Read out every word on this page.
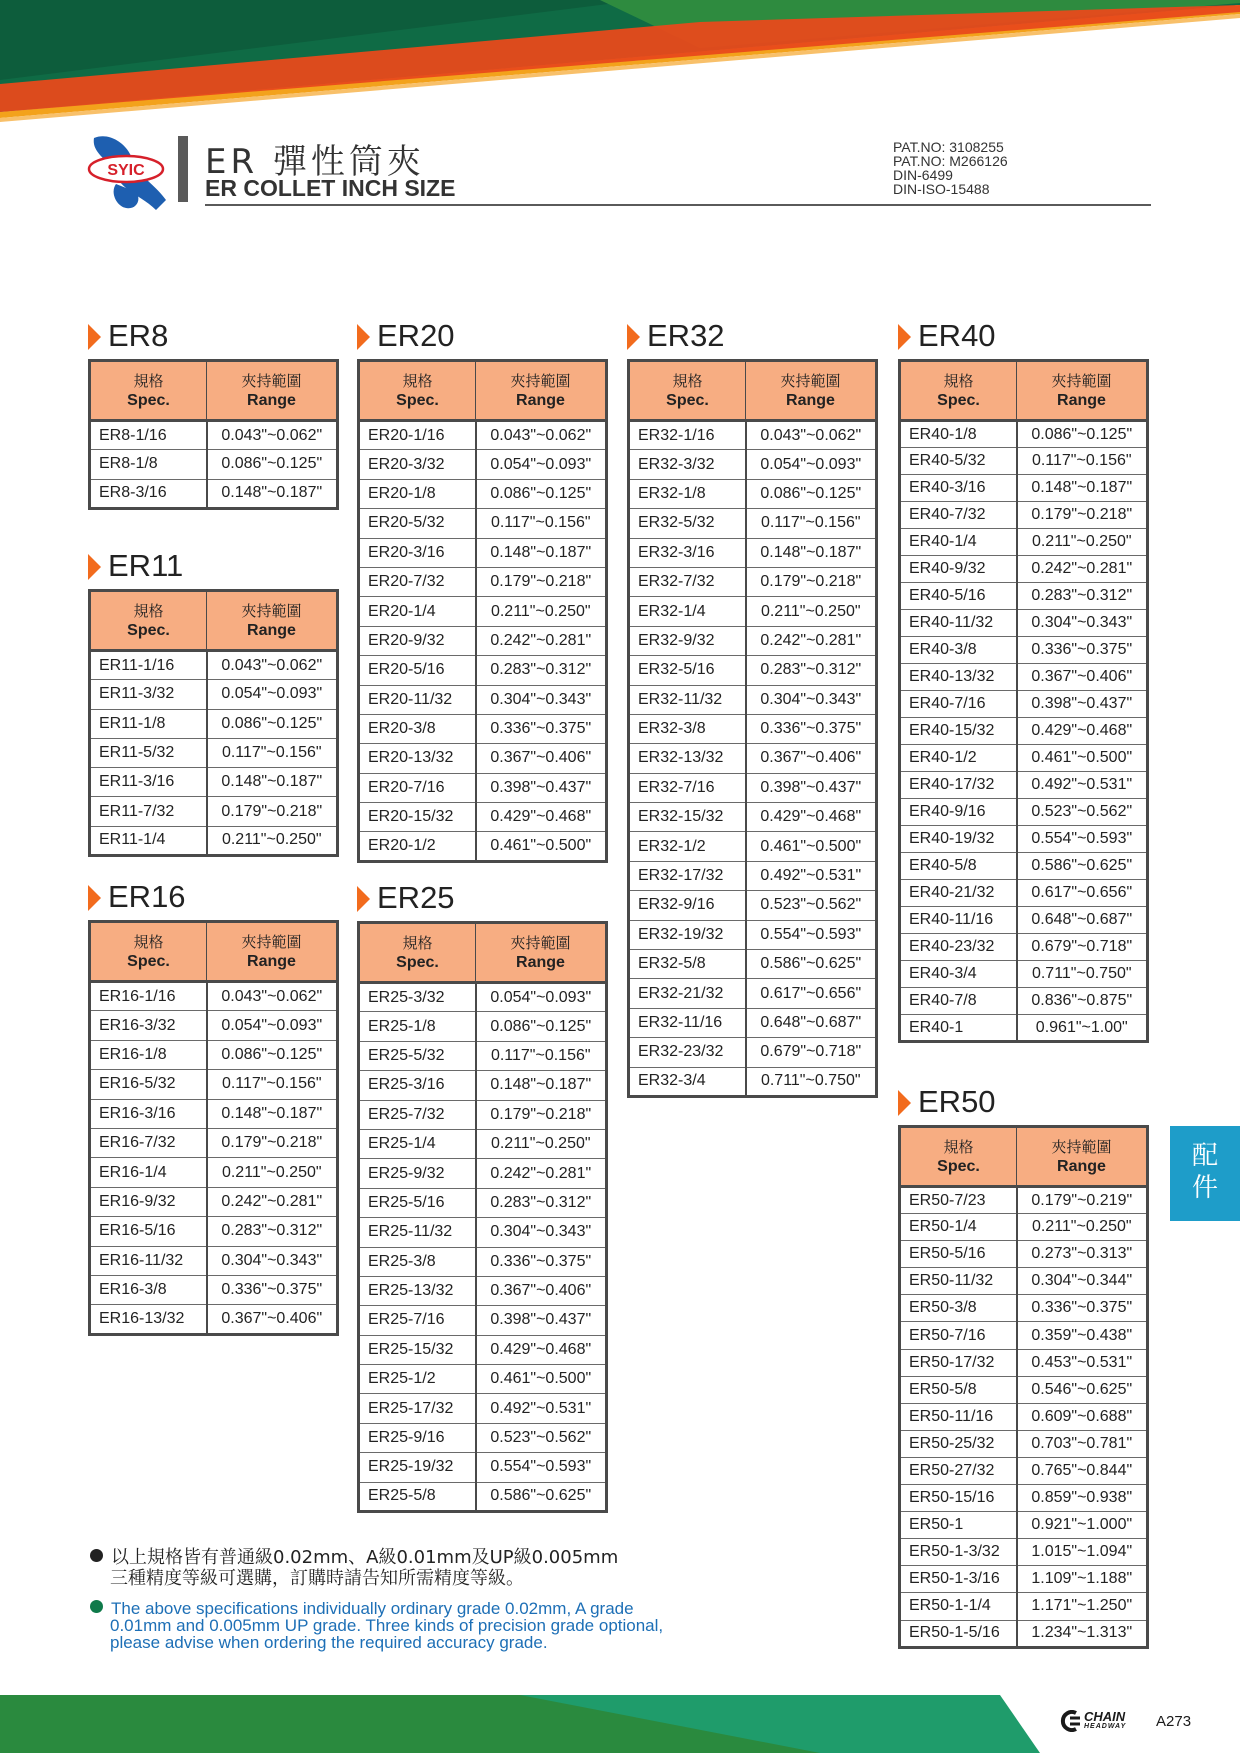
SYIC ER 彈性筒夾
ER COLLET INCH SIZE
PAT.NO: 3108255
PAT.NO: M266126
DIN-6499
DIN-ISO-15488
ER8
規格
Spec.	夾持範圍
Range
ER8-1/16	0.043"~0.062"
ER8-1/8	0.086"~0.125"
ER8-3/16	0.148"~0.187"
ER11
規格
Spec.	夾持範圍
Range
ER11-1/16	0.043"~0.062"
ER11-3/32	0.054"~0.093"
ER11-1/8	0.086"~0.125"
ER11-5/32	0.117"~0.156"
ER11-3/16	0.148"~0.187"
ER11-7/32	0.179"~0.218"
ER11-1/4	0.211"~0.250"
ER16
規格
Spec.	夾持範圍
Range
ER16-1/16	0.043"~0.062"
ER16-3/32	0.054"~0.093"
ER16-1/8	0.086"~0.125"
ER16-5/32	0.117"~0.156"
ER16-3/16	0.148"~0.187"
ER16-7/32	0.179"~0.218"
ER16-1/4	0.211"~0.250"
ER16-9/32	0.242"~0.281"
ER16-5/16	0.283"~0.312"
ER16-11/32	0.304"~0.343"
ER16-3/8	0.336"~0.375"
ER16-13/32	0.367"~0.406"
ER20
規格
Spec.	夾持範圍
Range
ER20-1/16	0.043"~0.062"
ER20-3/32	0.054"~0.093"
ER20-1/8	0.086"~0.125"
ER20-5/32	0.117"~0.156"
ER20-3/16	0.148"~0.187"
ER20-7/32	0.179"~0.218"
ER20-1/4	0.211"~0.250"
ER20-9/32	0.242"~0.281"
ER20-5/16	0.283"~0.312"
ER20-11/32	0.304"~0.343"
ER20-3/8	0.336"~0.375"
ER20-13/32	0.367"~0.406"
ER20-7/16	0.398"~0.437"
ER20-15/32	0.429"~0.468"
ER20-1/2	0.461"~0.500"
ER25
規格
Spec.	夾持範圍
Range
ER25-3/32	0.054"~0.093"
ER25-1/8	0.086"~0.125"
ER25-5/32	0.117"~0.156"
ER25-3/16	0.148"~0.187"
ER25-7/32	0.179"~0.218"
ER25-1/4	0.211"~0.250"
ER25-9/32	0.242"~0.281"
ER25-5/16	0.283"~0.312"
ER25-11/32	0.304"~0.343"
ER25-3/8	0.336"~0.375"
ER25-13/32	0.367"~0.406"
ER25-7/16	0.398"~0.437"
ER25-15/32	0.429"~0.468"
ER25-1/2	0.461"~0.500"
ER25-17/32	0.492"~0.531"
ER25-9/16	0.523"~0.562"
ER25-19/32	0.554"~0.593"
ER25-5/8	0.586"~0.625"
ER32
規格
Spec.	夾持範圍
Range
ER32-1/16	0.043"~0.062"
ER32-3/32	0.054"~0.093"
ER32-1/8	0.086"~0.125"
ER32-5/32	0.117"~0.156"
ER32-3/16	0.148"~0.187"
ER32-7/32	0.179"~0.218"
ER32-1/4	0.211"~0.250"
ER32-9/32	0.242"~0.281"
ER32-5/16	0.283"~0.312"
ER32-11/32	0.304"~0.343"
ER32-3/8	0.336"~0.375"
ER32-13/32	0.367"~0.406"
ER32-7/16	0.398"~0.437"
ER32-15/32	0.429"~0.468"
ER32-1/2	0.461"~0.500"
ER32-17/32	0.492"~0.531"
ER32-9/16	0.523"~0.562"
ER32-19/32	0.554"~0.593"
ER32-5/8	0.586"~0.625"
ER32-21/32	0.617"~0.656"
ER32-11/16	0.648"~0.687"
ER32-23/32	0.679"~0.718"
ER32-3/4	0.711"~0.750"
ER40
規格
Spec.	夾持範圍
Range
ER40-1/8	0.086"~0.125"
ER40-5/32	0.117"~0.156"
ER40-3/16	0.148"~0.187"
ER40-7/32	0.179"~0.218"
ER40-1/4	0.211"~0.250"
ER40-9/32	0.242"~0.281"
ER40-5/16	0.283"~0.312"
ER40-11/32	0.304"~0.343"
ER40-3/8	0.336"~0.375"
ER40-13/32	0.367"~0.406"
ER40-7/16	0.398"~0.437"
ER40-15/32	0.429"~0.468"
ER40-1/2	0.461"~0.500"
ER40-17/32	0.492"~0.531"
ER40-9/16	0.523"~0.562"
ER40-19/32	0.554"~0.593"
ER40-5/8	0.586"~0.625"
ER40-21/32	0.617"~0.656"
ER40-11/16	0.648"~0.687"
ER40-23/32	0.679"~0.718"
ER40-3/4	0.711"~0.750"
ER40-7/8	0.836"~0.875"
ER40-1	0.961"~1.00"
ER50
規格
Spec.	夾持範圍
Range
ER50-7/23	0.179"~0.219"
ER50-1/4	0.211"~0.250"
ER50-5/16	0.273"~0.313"
ER50-11/32	0.304"~0.344"
ER50-3/8	0.336"~0.375"
ER50-7/16	0.359"~0.438"
ER50-17/32	0.453"~0.531"
ER50-5/8	0.546"~0.625"
ER50-11/16	0.609"~0.688"
ER50-25/32	0.703"~0.781"
ER50-27/32	0.765"~0.844"
ER50-15/16	0.859"~0.938"
ER50-1	0.921"~1.000"
ER50-1-3/32	1.015"~1.094"
ER50-1-3/16	1.109"~1.188"
ER50-1-1/4	1.171"~1.250"
ER50-1-5/16	1.234"~1.313"
配
件
以上規格皆有普通級0.02mm、A級0.01mm及UP級0.005mm
三種精度等級可選購，訂購時請告知所需精度等級。
The above specifications individually ordinary grade 0.02mm, A grade
0.01mm and 0.005mm UP grade. Three kinds of precision grade optional,
please advise when ordering the required accuracy grade.
CHAIN
HEADWAY A273
